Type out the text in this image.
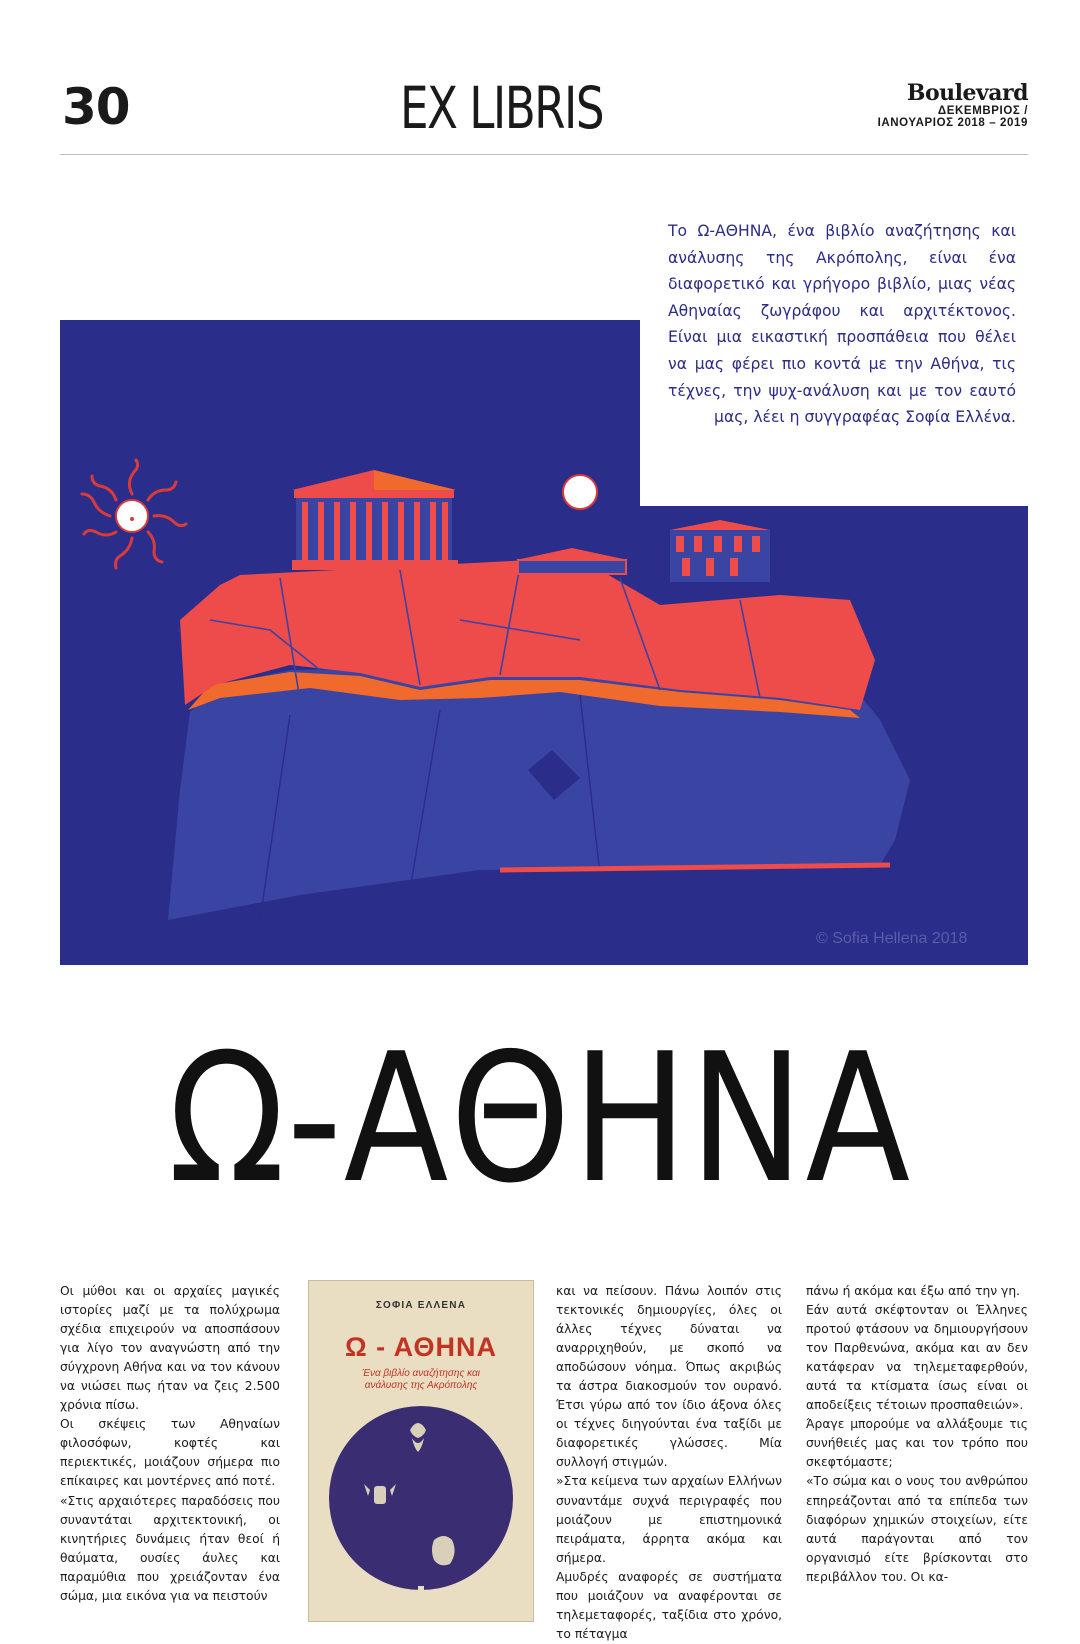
30	EX LIBRIS	Boulevard
ΔΕΚΕΜΒΡΙΟΣ /
ΙΑΝΟΥΑΡΙΟΣ 2018 – 2019
Το Ω-ΑΘΗΝΑ, ένα βιβλίο αναζήτησης και ανάλυσης της Ακρόπολης, είναι ένα διαφορετικό και γρήγορο βιβλίο, μιας νέας Αθηναίας ζωγράφου και αρχιτέκτονος. Είναι μια εικαστική προσπάθεια που θέλει να μας φέρει πιο κοντά με την Αθήνα, τις τέχνες, την ψυχ-ανάλυση και με τον εαυτό μας, λέει η συγγραφέας Σοφία Ελλένα.
© Sofia Hellena 2018
Ω-ΑΘΗΝΑ

Οι μύθοι και οι αρχαίες μαγικές ιστορίες μαζί με τα πολύχρωμα σχέδια επιχειρούν να αποσπάσουν για λίγο τον αναγνώστη από την σύγχρονη Αθήνα και να τον κάνουν να νιώσει πως ήταν να ζεις 2.500 χρόνια πίσω.

Οι σκέψεις των Αθηναίων φιλοσόφων, κοφτές και περιεκτικές, μοιάζουν σήμερα πιο επίκαιρες και μοντέρνες από ποτέ.

«Στις αρχαιότερες παραδόσεις που συναντάται αρχιτεκτονική, οι κινητήριες δυνάμεις ήταν θεοί ή θαύματα, ουσίες άυλες και παραμύθια που χρειάζονταν ένα σώμα, μια εικόνα για να πειστούν

ΣΟΦΙΑ ΕΛΛΕΝΑ
Ω - ΑΘΗΝΑ
Ένα βιβλίο αναζήτησης και ανάλυσης της Ακρόπολης

και να πείσουν. Πάνω λοιπόν στις τεκτονικές δημιουργίες, όλες οι άλλες τέχνες δύναται να αναρριχηθούν, με σκοπό να αποδώσουν νόημα. Όπως ακριβώς τα άστρα διακοσμούν τον ουρανό. Έτσι γύρω από τον ίδιο άξονα όλες οι τέχνες διηγούνται ένα ταξίδι με διαφορετικές γλώσσες. Μία συλλογή στιγμών.

»Στα κείμενα των αρχαίων Ελλήνων συναντάμε συχνά περιγραφές που μοιάζουν με επιστημονικά πειράματα, άρρητα ακόμα και σήμερα.

Αμυδρές αναφορές σε συστήματα που μοιάζουν να αναφέρονται σε τηλεμεταφορές, ταξίδια στο χρόνο, το πέταγμα

πάνω ή ακόμα και έξω από την γη.

Εάν αυτά σκέφτονταν οι Έλληνες προτού φτάσουν να δημιουργήσουν τον Παρθενώνα, ακόμα και αν δεν κατάφεραν να τηλεμεταφερθούν, αυτά τα κτίσματα ίσως είναι οι αποδείξεις τέτοιων προσπαθειών».

Άραγε μπορούμε να αλλάξουμε τις συνήθειές μας και τον τρόπο που σκεφτόμαστε;

«Το σώμα και ο νους του ανθρώπου επηρεάζονται από τα επίπεδα των διαφόρων χημικών στοιχείων, είτε αυτά παράγονται από τον οργανισμό είτε βρίσκονται στο περιβάλλον του. Οι κα-
